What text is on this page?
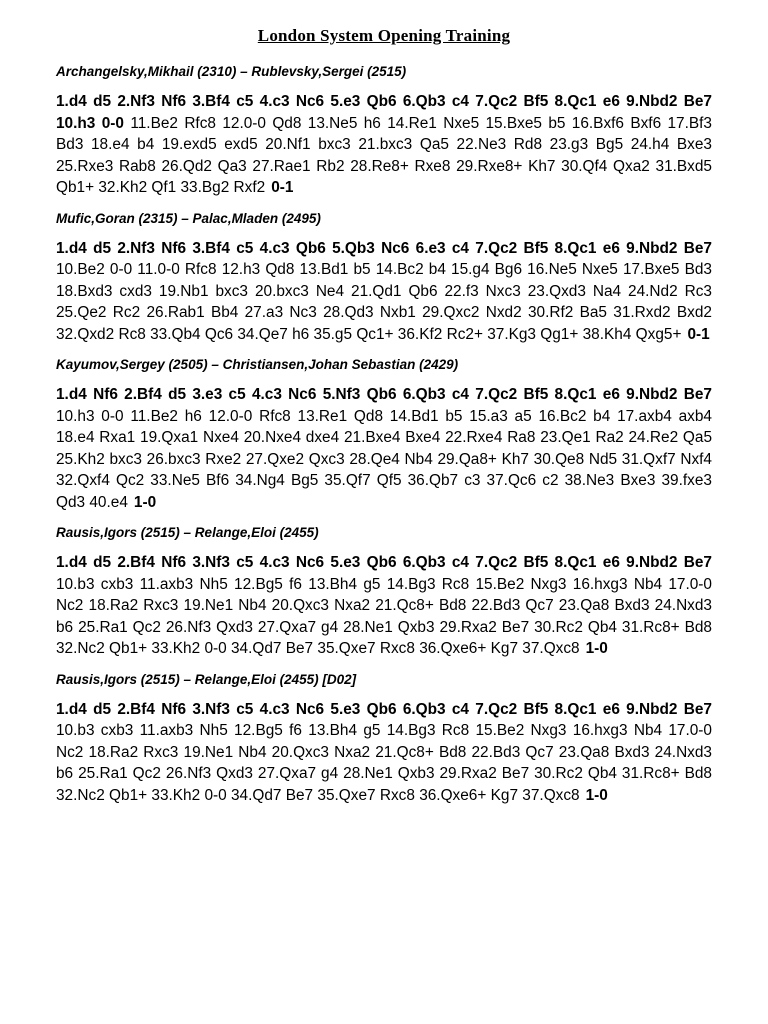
London System Opening Training
Archangelsky,Mikhail (2310) – Rublevsky,Sergei (2515)

1.d4 d5 2.Nf3 Nf6 3.Bf4 c5 4.c3 Nc6 5.e3 Qb6 6.Qb3 c4 7.Qc2 Bf5 8.Qc1 e6 9.Nbd2 Be7 10.h3 0-0 11.Be2 Rfc8 12.0-0 Qd8 13.Ne5 h6 14.Re1 Nxe5 15.Bxe5 b5 16.Bxf6 Bxf6 17.Bf3 Bd3 18.e4 b4 19.exd5 exd5 20.Nf1 bxc3 21.bxc3 Qa5 22.Ne3 Rd8 23.g3 Bg5 24.h4 Bxe3 25.Rxe3 Rab8 26.Qd2 Qa3 27.Rae1 Rb2 28.Re8+ Rxe8 29.Rxe8+ Kh7 30.Qf4 Qxa2 31.Bxd5 Qb1+ 32.Kh2 Qf1 33.Bg2 Rxf2 0-1

Mufic,Goran (2315) – Palac,Mladen (2495)

1.d4 d5 2.Nf3 Nf6 3.Bf4 c5 4.c3 Qb6 5.Qb3 Nc6 6.e3 c4 7.Qc2 Bf5 8.Qc1 e6 9.Nbd2 Be7 10.Be2 0-0 11.0-0 Rfc8 12.h3 Qd8 13.Bd1 b5 14.Bc2 b4 15.g4 Bg6 16.Ne5 Nxe5 17.Bxe5 Bd3 18.Bxd3 cxd3 19.Nb1 bxc3 20.bxc3 Ne4 21.Qd1 Qb6 22.f3 Nxc3 23.Qxd3 Na4 24.Nd2 Rc3 25.Qe2 Rc2 26.Rab1 Bb4 27.a3 Nc3 28.Qd3 Nxb1 29.Qxc2 Nxd2 30.Rf2 Ba5 31.Rxd2 Bxd2 32.Qxd2 Rc8 33.Qb4 Qc6 34.Qe7 h6 35.g5 Qc1+ 36.Kf2 Rc2+ 37.Kg3 Qg1+ 38.Kh4 Qxg5+ 0-1

Kayumov,Sergey (2505) – Christiansen,Johan Sebastian (2429)

1.d4 Nf6 2.Bf4 d5 3.e3 c5 4.c3 Nc6 5.Nf3 Qb6 6.Qb3 c4 7.Qc2 Bf5 8.Qc1 e6 9.Nbd2 Be7 10.h3 0-0 11.Be2 h6 12.0-0 Rfc8 13.Re1 Qd8 14.Bd1 b5 15.a3 a5 16.Bc2 b4 17.axb4 axb4 18.e4 Rxa1 19.Qxa1 Nxe4 20.Nxe4 dxe4 21.Bxe4 Bxe4 22.Rxe4 Ra8 23.Qe1 Ra2 24.Re2 Qa5 25.Kh2 bxc3 26.bxc3 Rxe2 27.Qxe2 Qxc3 28.Qe4 Nb4 29.Qa8+ Kh7 30.Qe8 Nd5 31.Qxf7 Nxf4 32.Qxf4 Qc2 33.Ne5 Bf6 34.Ng4 Bg5 35.Qf7 Qf5 36.Qb7 c3 37.Qc6 c2 38.Ne3 Bxe3 39.fxe3 Qd3 40.e4 1-0

Rausis,Igors (2515) – Relange,Eloi (2455)

1.d4 d5 2.Bf4 Nf6 3.Nf3 c5 4.c3 Nc6 5.e3 Qb6 6.Qb3 c4 7.Qc2 Bf5 8.Qc1 e6 9.Nbd2 Be7 10.b3 cxb3 11.axb3 Nh5 12.Bg5 f6 13.Bh4 g5 14.Bg3 Rc8 15.Be2 Nxg3 16.hxg3 Nb4 17.0-0 Nc2 18.Ra2 Rxc3 19.Ne1 Nb4 20.Qxc3 Nxa2 21.Qc8+ Bd8 22.Bd3 Qc7 23.Qa8 Bxd3 24.Nxd3 b6 25.Ra1 Qc2 26.Nf3 Qxd3 27.Qxa7 g4 28.Ne1 Qxb3 29.Rxa2 Be7 30.Rc2 Qb4 31.Rc8+ Bd8 32.Nc2 Qb1+ 33.Kh2 0-0 34.Qd7 Be7 35.Qxe7 Rxc8 36.Qxe6+ Kg7 37.Qxc8 1-0

Rausis,Igors (2515) – Relange,Eloi (2455) [D02]

1.d4 d5 2.Bf4 Nf6 3.Nf3 c5 4.c3 Nc6 5.e3 Qb6 6.Qb3 c4 7.Qc2 Bf5 8.Qc1 e6 9.Nbd2 Be7 10.b3 cxb3 11.axb3 Nh5 12.Bg5 f6 13.Bh4 g5 14.Bg3 Rc8 15.Be2 Nxg3 16.hxg3 Nb4 17.0-0 Nc2 18.Ra2 Rxc3 19.Ne1 Nb4 20.Qxc3 Nxa2 21.Qc8+ Bd8 22.Bd3 Qc7 23.Qa8 Bxd3 24.Nxd3 b6 25.Ra1 Qc2 26.Nf3 Qxd3 27.Qxa7 g4 28.Ne1 Qxb3 29.Rxa2 Be7 30.Rc2 Qb4 31.Rc8+ Bd8 32.Nc2 Qb1+ 33.Kh2 0-0 34.Qd7 Be7 35.Qxe7 Rxc8 36.Qxe6+ Kg7 37.Qxc8 1-0
